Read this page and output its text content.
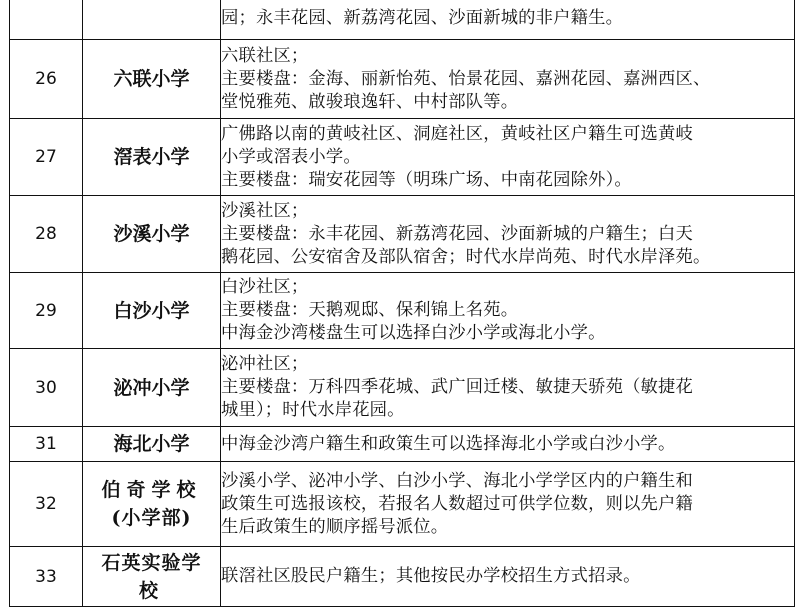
		园；永丰花园、新荔湾花园、沙面新城的非户籍生。

26	六联小学	六联社区；
主要楼盘：金海、丽新怡苑、怡景花园、嘉洲花园、嘉洲西区、
堂悦雅苑、啟骏琅逸轩、中村部队等。

27	滘表小学	广佛路以南的黄岐社区、洞庭社区，黄岐社区户籍生可选黄岐
小学或滘表小学。
主要楼盘：瑞安花园等（明珠广场、中南花园除外）。

28	沙溪小学	沙溪社区；
主要楼盘：永丰花园、新荔湾花园、沙面新城的户籍生；白天
鹅花园、公安宿舍及部队宿舍；时代水岸尚苑、时代水岸泽苑。

29	白沙小学	白沙社区；
主要楼盘：天鹅观邸、保利锦上名苑。
中海金沙湾楼盘生可以选择白沙小学或海北小学。

30	泌冲小学	泌冲社区；
主要楼盘：万科四季花城、武广回迁楼、敏捷天骄苑（敏捷花
城里）；时代水岸花园。

31	海北小学	中海金沙湾户籍生和政策生可以选择海北小学或白沙小学。

32	伯奇学校
(小学部)	沙溪小学、泌冲小学、白沙小学、海北小学学区内的户籍生和
政策生可选报该校，若报名人数超过可供学位数，则以先户籍
生后政策生的顺序摇号派位。

33	石英实验学
校	联滘社区股民户籍生；其他按民办学校招生方式招录。
